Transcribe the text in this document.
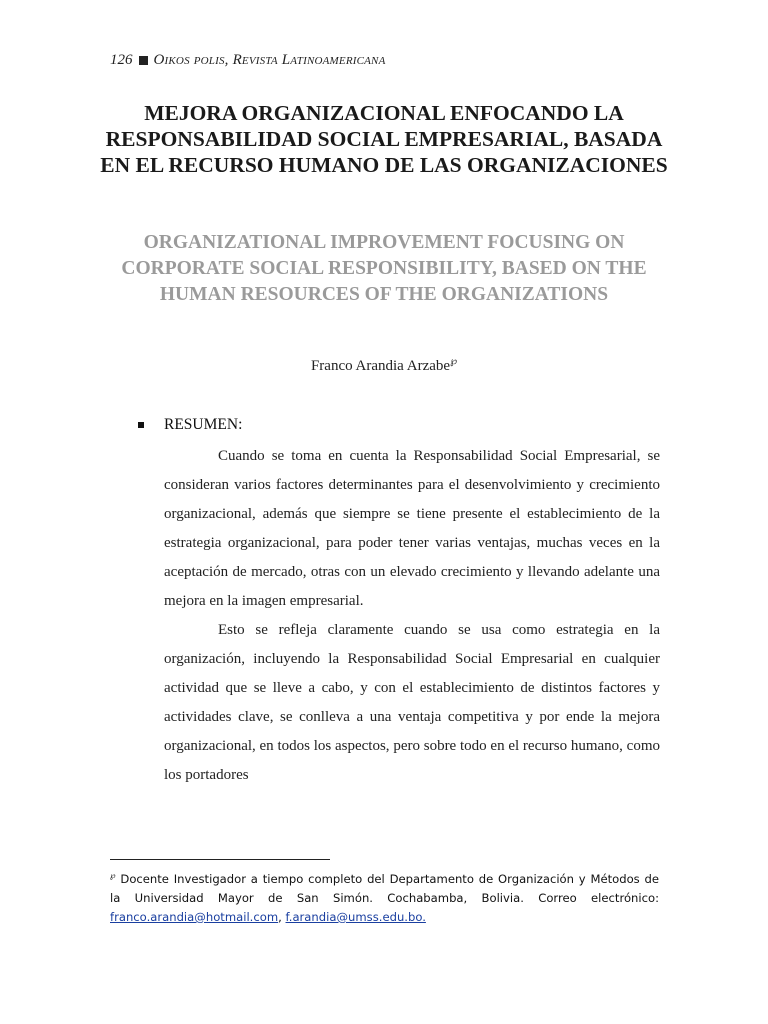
126 Oikos polis, Revista Latinoamericana
MEJORA ORGANIZACIONAL ENFOCANDO LA RESPONSABILIDAD SOCIAL EMPRESARIAL, BASADA EN EL RECURSO HUMANO DE LAS ORGANIZACIONES
ORGANIZATIONAL IMPROVEMENT FOCUSING ON CORPORATE SOCIAL RESPONSIBILITY, BASED ON THE HUMAN RESOURCES OF THE ORGANIZATIONS
Franco Arandia Arzabe℘
RESUMEN:

Cuando se toma en cuenta la Responsabilidad Social Empresarial, se consideran varios factores determinantes para el desenvolvimiento y crecimiento organizacional, además que siempre se tiene presente el establecimiento de la estrategia organizacional, para poder tener varias ventajas, muchas veces en la aceptación de mercado, otras con un elevado crecimiento y llevando adelante una mejora en la imagen empresarial.

Esto se refleja claramente cuando se usa como estrategia en la organización, incluyendo la Responsabilidad Social Empresarial en cualquier actividad que se lleve a cabo, y con el establecimiento de distintos factores y actividades clave, se conlleva a una ventaja competitiva y por ende la mejora organizacional, en todos los aspectos, pero sobre todo en el recurso humano, como los portadores

℘ Docente Investigador a tiempo completo del Departamento de Organización y Métodos de la Universidad Mayor de San Simón. Cochabamba, Bolivia. Correo electrónico: franco.arandia@hotmail.com, f.arandia@umss.edu.bo.
